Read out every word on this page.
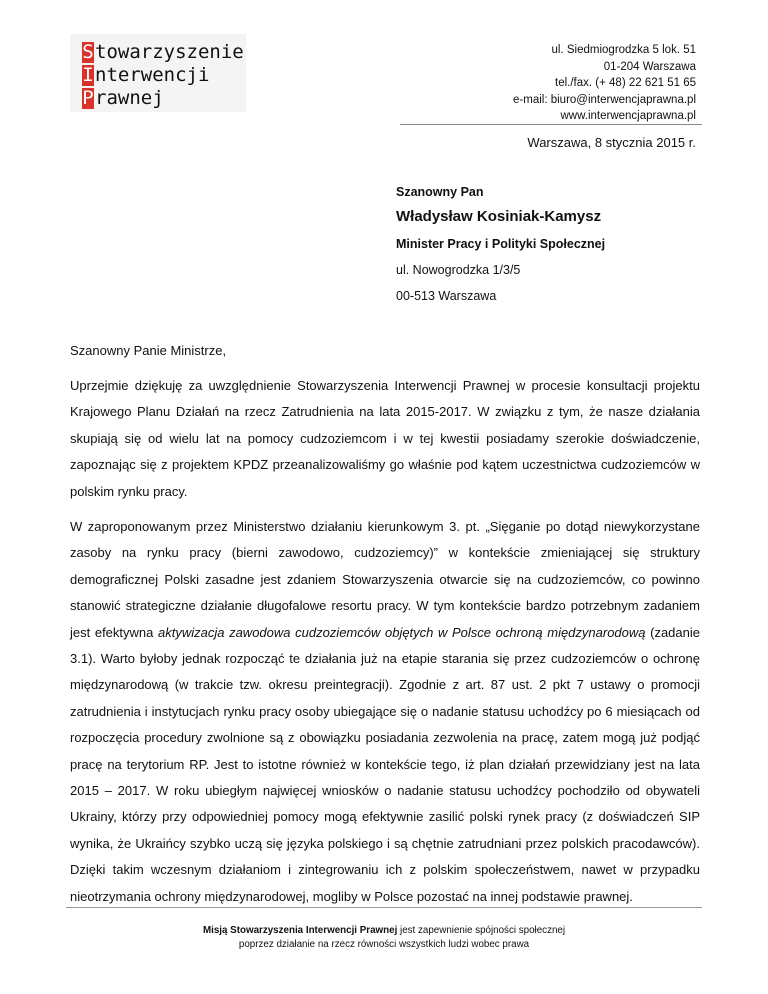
Stowarzyszenie
Interwencji
Prawnej
ul. Siedmiogrodzka 5 lok. 51
01-204 Warszawa
tel./fax. (+ 48) 22 621 51 65
e-mail: biuro@interwencjaprawna.pl
www.interwencjaprawna.pl
Warszawa, 8 stycznia 2015 r.
Szanowny Pan
Władysław Kosiniak-Kamysz
Minister Pracy i Polityki Społecznej
ul. Nowogrodzka 1/3/5
00-513 Warszawa
Szanowny Panie Ministrze,
Uprzejmie dziękuję za uwzględnienie Stowarzyszenia Interwencji Prawnej w procesie konsultacji projektu Krajowego Planu Działań na rzecz Zatrudnienia na lata 2015-2017. W związku z tym, że nasze działania skupiają się od wielu lat na pomocy cudzoziemcom i w tej kwestii posiadamy szerokie doświadczenie, zapoznając się z projektem KPDZ przeanalizowaliśmy go właśnie pod kątem uczestnictwa cudzoziemców w polskim rynku pracy.
W zaproponowanym przez Ministerstwo działaniu kierunkowym 3. pt. „Sięganie po dotąd niewykorzystane zasoby na rynku pracy (bierni zawodowo, cudzoziemcy)” w kontekście zmieniającej się struktury demograficznej Polski zasadne jest zdaniem Stowarzyszenia otwarcie się na cudzoziemców, co powinno stanowić strategiczne działanie długofalowe resortu pracy. W tym kontekście bardzo potrzebnym zadaniem jest efektywna aktywizacja zawodowa cudzoziemców objętych w Polsce ochroną międzynarodową (zadanie 3.1). Warto byłoby jednak rozpocząć te działania już na etapie starania się przez cudzoziemców o ochronę międzynarodową (w trakcie tzw. okresu preintegracji). Zgodnie z art. 87 ust. 2 pkt 7 ustawy o promocji zatrudnienia i instytucjach rynku pracy osoby ubiegające się o nadanie statusu uchodźcy po 6 miesiącach od rozpoczęcia procedury zwolnione są z obowiązku posiadania zezwolenia na pracę, zatem mogą już podjąć pracę na terytorium RP. Jest to istotne również w kontekście tego, iż plan działań przewidziany jest na lata 2015 – 2017. W roku ubiegłym najwięcej wniosków o nadanie statusu uchodźcy pochodziło od obywateli Ukrainy, którzy przy odpowiedniej pomocy mogą efektywnie zasilić polski rynek pracy (z doświadczeń SIP wynika, że Ukraińcy szybko uczą się języka polskiego i są chętnie zatrudniani przez polskich pracodawców). Dzięki takim wczesnym działaniom i zintegrowaniu ich z polskim społeczeństwem, nawet w przypadku nieotrzymania ochrony międzynarodowej, mogliby w Polsce pozostać na innej podstawie prawnej.
Misją Stowarzyszenia Interwencji Prawnej jest zapewnienie spójności społecznej
poprzez działanie na rzecz równości wszystkich ludzi wobec prawa
